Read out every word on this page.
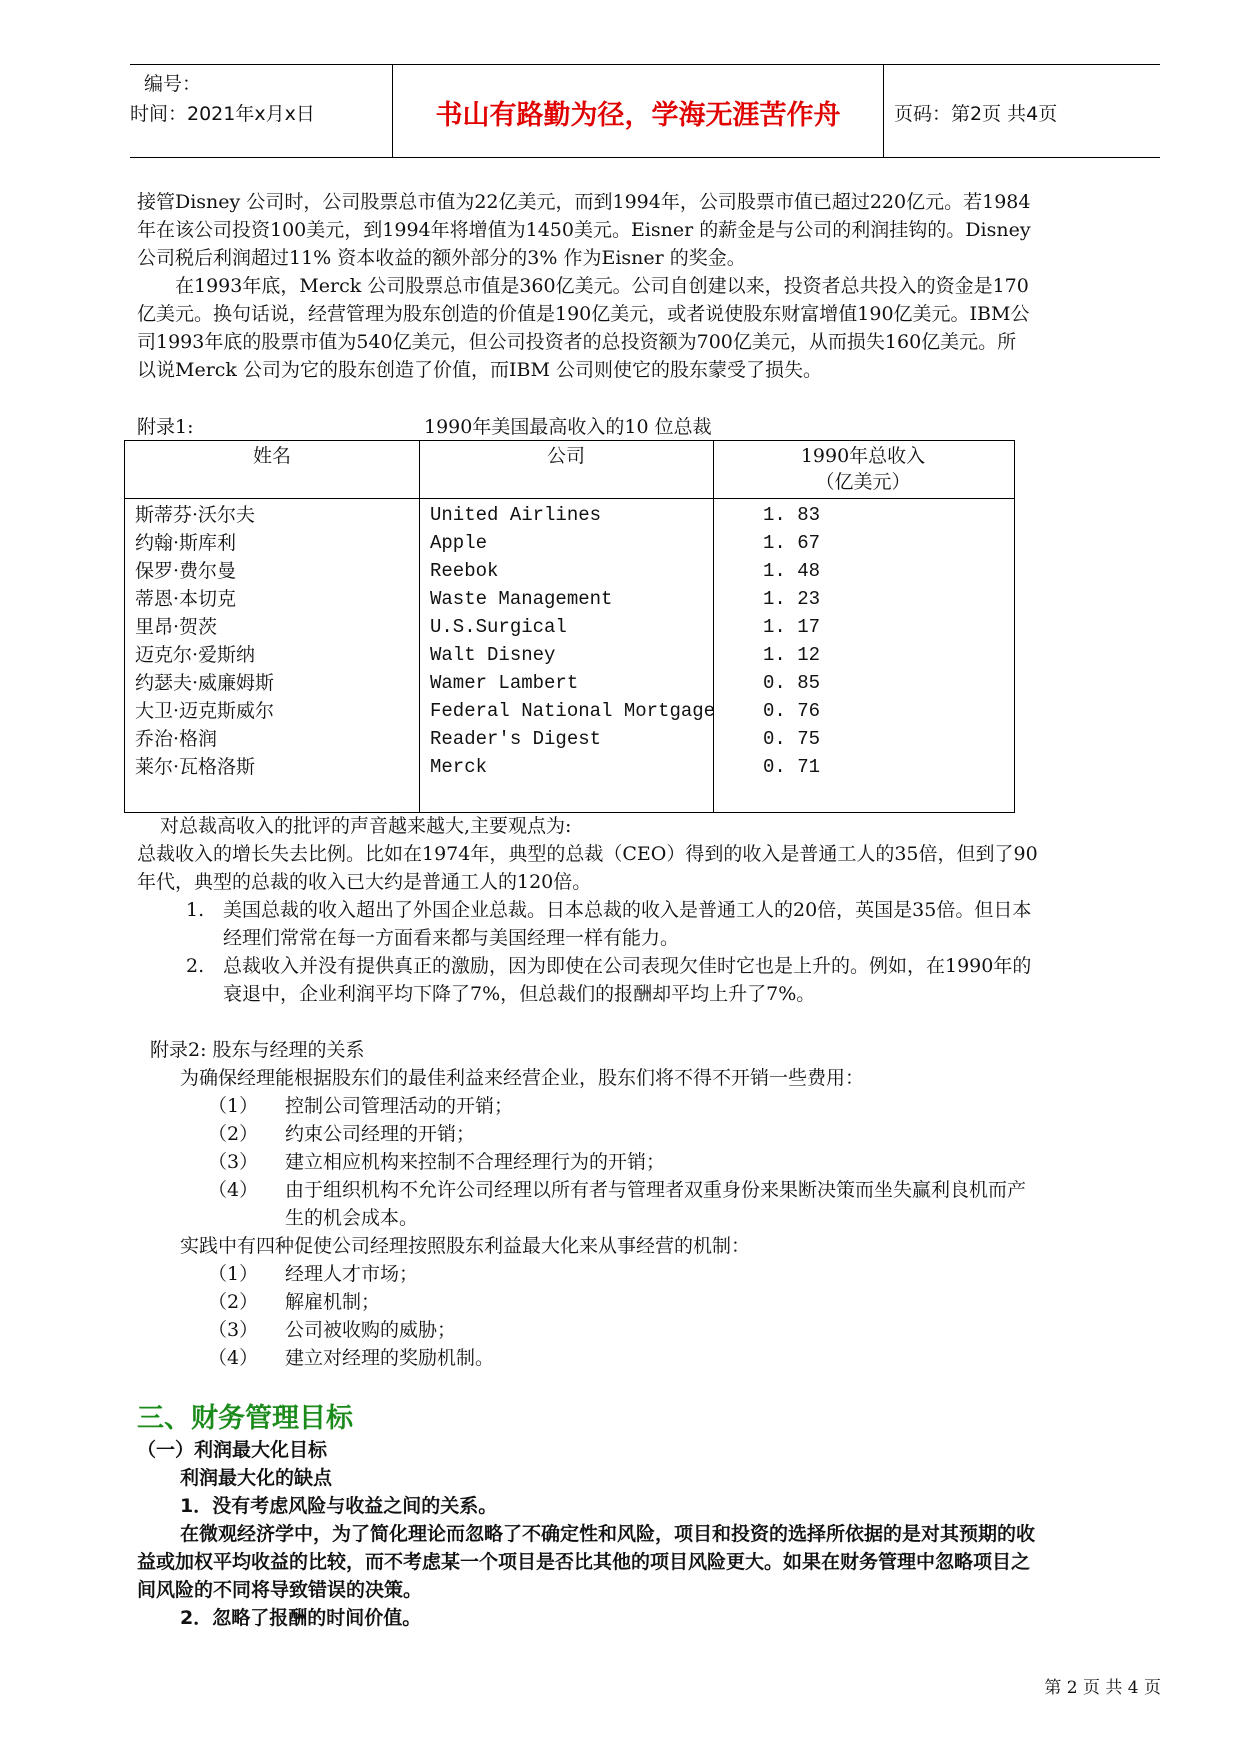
编号：
时间：2021年x月x日	书山有路勤为径，学海无涯苦作舟	页码：第2页 共4页
接管Disney 公司时，公司股票总市值为22亿美元，而到1994年，公司股票市值已超过220亿元。若1984
年在该公司投资100美元，到1994年将增值为1450美元。Eisner 的薪金是与公司的利润挂钩的。Disney
公司税后利润超过11% 资本收益的额外部分的3% 作为Eisner 的奖金。
　　在1993年底，Merck 公司股票总市值是360亿美元。公司自创建以来，投资者总共投入的资金是170
亿美元。换句话说，经营管理为股东创造的价值是190亿美元，或者说使股东财富增值190亿美元。IBM公
司1993年底的股票市值为540亿美元，但公司投资者的总投资额为700亿美元，从而损失160亿美元。所
以说Merck 公司为它的股东创造了价值，而IBM 公司则使它的股东蒙受了损失。
附录1:	1990年美国最高收入的10 位总裁
姓名	公司	1990年总收入
（亿美元）
斯蒂芬·沃尔夫	United Airlines	1. 83
约翰·斯库利	Apple	1. 67
保罗·费尔曼	Reebok	1. 48
蒂恩·本切克	Waste Management	1. 23
里昂·贺茨	U.S.Surgical	1. 17
迈克尔·爱斯纳	Walt Disney	1. 12
约瑟夫·威廉姆斯	Wamer Lambert	0. 85
大卫·迈克斯威尔	Federal National Mortgage	0. 76
乔治·格润	Reader's Digest	0. 75
莱尔·瓦格洛斯	Merck	0. 71
对总裁高收入的批评的声音越来越大,主要观点为:
总裁收入的增长失去比例。比如在1974年，典型的总裁（CEO）得到的收入是普通工人的35倍，但到了90
年代，典型的总裁的收入已大约是普通工人的120倍。
1. 美国总裁的收入超出了外国企业总裁。日本总裁的收入是普通工人的20倍，英国是35倍。但日本
经理们常常在每一方面看来都与美国经理一样有能力。
2. 总裁收入并没有提供真正的激励，因为即使在公司表现欠佳时它也是上升的。例如，在1990年的
衰退中，企业利润平均下降了7%，但总裁们的报酬却平均上升了7%。
附录2: 股东与经理的关系
为确保经理能根据股东们的最佳利益来经营企业，股东们将不得不开销一些费用：
（1） 控制公司管理活动的开销；
（2） 约束公司经理的开销；
（3） 建立相应机构来控制不合理经理行为的开销；
（4） 由于组织机构不允许公司经理以所有者与管理者双重身份来果断决策而坐失赢利良机而产
生的机会成本。
实践中有四种促使公司经理按照股东利益最大化来从事经营的机制：
（1） 经理人才市场；
（2） 解雇机制；
（3） 公司被收购的威胁；
（4） 建立对经理的奖励机制。
三、财务管理目标
（一）利润最大化目标
利润最大化的缺点
1．没有考虑风险与收益之间的关系。
在微观经济学中，为了简化理论而忽略了不确定性和风险，项目和投资的选择所依据的是对其预期的收
益或加权平均收益的比较，而不考虑某一个项目是否比其他的项目风险更大。如果在财务管理中忽略项目之
间风险的不同将导致错误的决策。
2．忽略了报酬的时间价值。
第 2 页 共 4 页
